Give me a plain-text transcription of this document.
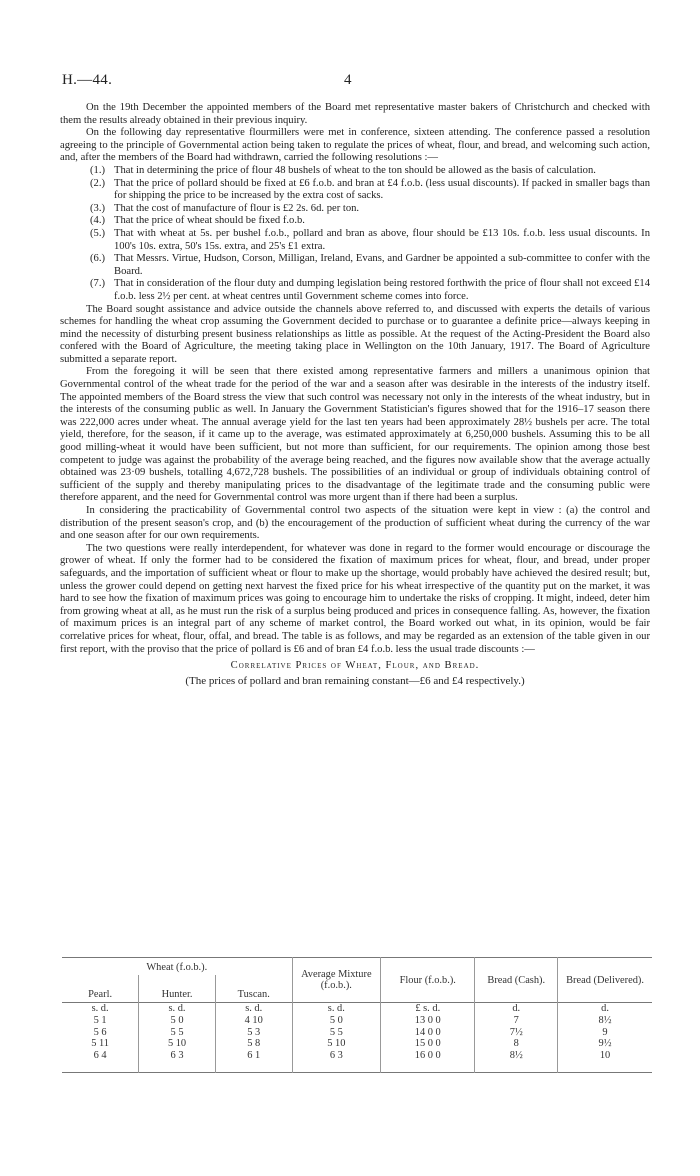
H.—44.	4

On the 19th December the appointed members of the Board met representative master bakers of Christchurch and checked with them the results already obtained in their previous inquiry.

On the following day representative flourmillers were met in conference, sixteen attending. The conference passed a resolution agreeing to the principle of Governmental action being taken to regulate the prices of wheat, flour, and bread, and welcoming such action, and, after the members of the Board had withdrawn, carried the following resolutions :—

(1.) That in determining the price of flour 48 bushels of wheat to the ton should be allowed as the basis of calculation.

(2.) That the price of pollard should be fixed at £6 f.o.b. and bran at £4 f.o.b. (less usual discounts). If packed in smaller bags than for shipping the price to be increased by the extra cost of sacks.

(3.) That the cost of manufacture of flour is £2 2s. 6d. per ton.

(4.) That the price of wheat should be fixed f.o.b.

(5.) That with wheat at 5s. per bushel f.o.b., pollard and bran as above, flour should be £13 10s. f.o.b. less usual discounts. In 100's 10s. extra, 50's 15s. extra, and 25's £1 extra.

(6.) That Messrs. Virtue, Hudson, Corson, Milligan, Ireland, Evans, and Gardner be appointed a sub-committee to confer with the Board.

(7.) That in consideration of the flour duty and dumping legislation being restored forthwith the price of flour shall not exceed £14 f.o.b. less 2½ per cent. at wheat centres until Government scheme comes into force.

The Board sought assistance and advice outside the channels above referred to, and discussed with experts the details of various schemes for handling the wheat crop assuming the Government decided to purchase or to guarantee a definite price—always keeping in mind the necessity of disturbing present business relationships as little as possible. At the request of the Acting-President the Board also confered with the Board of Agriculture, the meeting taking place in Wellington on the 10th January, 1917. The Board of Agriculture submitted a separate report.

From the foregoing it will be seen that there existed among representative farmers and millers a unanimous opinion that Governmental control of the wheat trade for the period of the war and a season after was desirable in the interests of the industry itself. The appointed members of the Board stress the view that such control was necessary not only in the interests of the wheat industry, but in the interests of the consuming public as well. In January the Government Statistician's figures showed that for the 1916–17 season there was 222,000 acres under wheat. The annual average yield for the last ten years had been approximately 28½ bushels per acre. The total yield, therefore, for the season, if it came up to the average, was estimated approximately at 6,250,000 bushels. Assuming this to be all good milling-wheat it would have been sufficient, but not more than sufficient, for our requirements. The opinion among those best competent to judge was against the probability of the average being reached, and the figures now available show that the average actually obtained was 23·09 bushels, totalling 4,672,728 bushels. The possibilities of an individual or group of individuals obtaining control of sufficient of the supply and thereby manipulating prices to the disadvantage of the legitimate trade and the consuming public were therefore apparent, and the need for Governmental control was more urgent than if there had been a surplus.

In considering the practicability of Governmental control two aspects of the situation were kept in view : (a) the control and distribution of the present season's crop, and (b) the encouragement of the production of sufficient wheat during the currency of the war and one season after for our own requirements.

The two questions were really interdependent, for whatever was done in regard to the former would encourage or discourage the grower of wheat. If only the former had to be considered the fixation of maximum prices for wheat, flour, and bread, under proper safeguards, and the importation of sufficient wheat or flour to make up the shortage, would probably have achieved the desired result; but, unless the grower could depend on getting next harvest the fixed price for his wheat irrespective of the quantity put on the market, it was hard to see how the fixation of maximum prices was going to encourage him to undertake the risks of cropping. It might, indeed, deter him from growing wheat at all, as he must run the risk of a surplus being produced and prices in consequence falling. As, however, the fixation of maximum prices is an integral part of any scheme of market control, the Board worked out what, in its opinion, would be fair correlative prices for wheat, flour, offal, and bread. The table is as follows, and may be regarded as an extension of the table given in our first report, with the proviso that the price of pollard is £6 and of bran £4 f.o.b. less the usual trade discounts :—

Correlative Prices of Wheat, Flour, and Bread.
(The prices of pollard and bran remaining constant—£6 and £4 respectively.)
Wheat (f.o.b.).			Average Mixture (f.o.b.).	Flour (f.o.b.).	Bread (Cash).	Bread (Delivered).
Pearl.	Hunter.	Tuscan.				
s. d.	s. d.	s. d.	s. d.	£ s. d.	d.	d.
5 1	5 0	4 10	5 0	13 0 0	7	8½
5 6	5 5	5 3	5 5	14 0 0	7½	9
5 11	5 10	5 8	5 10	15 0 0	8	9½
6 4	6 3	6 1	6 3	16 0 0	8½	10
